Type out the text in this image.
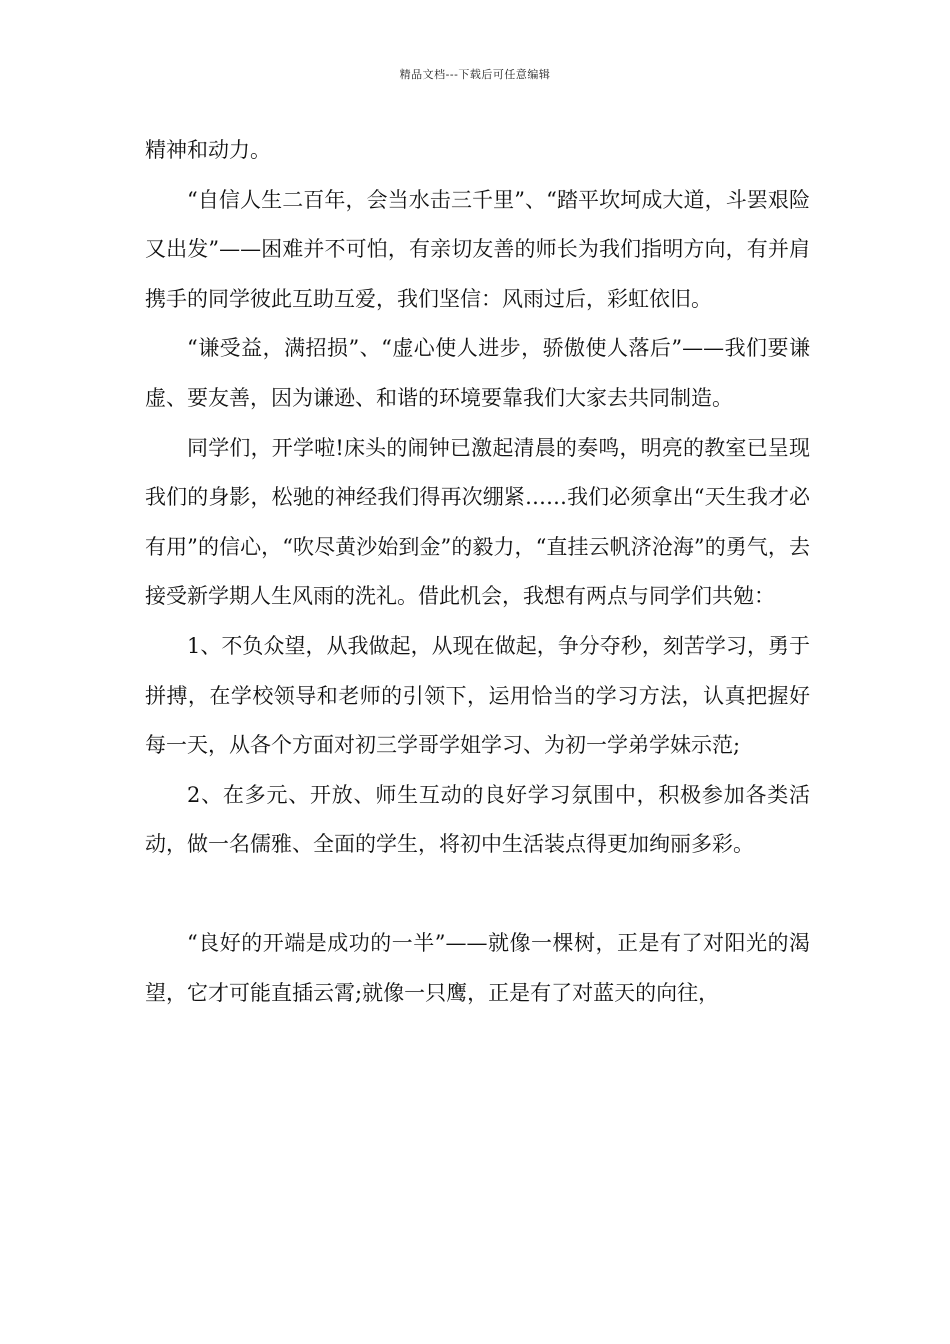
精品文档---下载后可任意编辑

精神和动力。

“自信人生二百年，会当水击三千里”、“踏平坎坷成大道，斗罢艰险又出发”——困难并不可怕，有亲切友善的师长为我们指明方向，有并肩携手的同学彼此互助互爱，我们坚信：风雨过后，彩虹依旧。

“谦受益，满招损”、“虚心使人进步，骄傲使人落后”——我们要谦虚、要友善，因为谦逊、和谐的环境要靠我们大家去共同制造。

同学们，开学啦!床头的闹钟已激起清晨的奏鸣，明亮的教室已呈现我们的身影，松驰的神经我们得再次绷紧……我们必须拿出“天生我才必有用”的信心，“吹尽黄沙始到金”的毅力，“直挂云帆济沧海”的勇气，去接受新学期人生风雨的洗礼。借此机会，我想有两点与同学们共勉：

1、不负众望，从我做起，从现在做起，争分夺秒，刻苦学习，勇于拼搏，在学校领导和老师的引领下，运用恰当的学习方法，认真把握好每一天，从各个方面对初三学哥学姐学习、为初一学弟学妹示范;

2、在多元、开放、师生互动的良好学习氛围中，积极参加各类活动，做一名儒雅、全面的学生，将初中生活装点得更加绚丽多彩。

“良好的开端是成功的一半”——就像一棵树，正是有了对阳光的渴望，它才可能直插云霄;就像一只鹰，正是有了对蓝天的向往，
